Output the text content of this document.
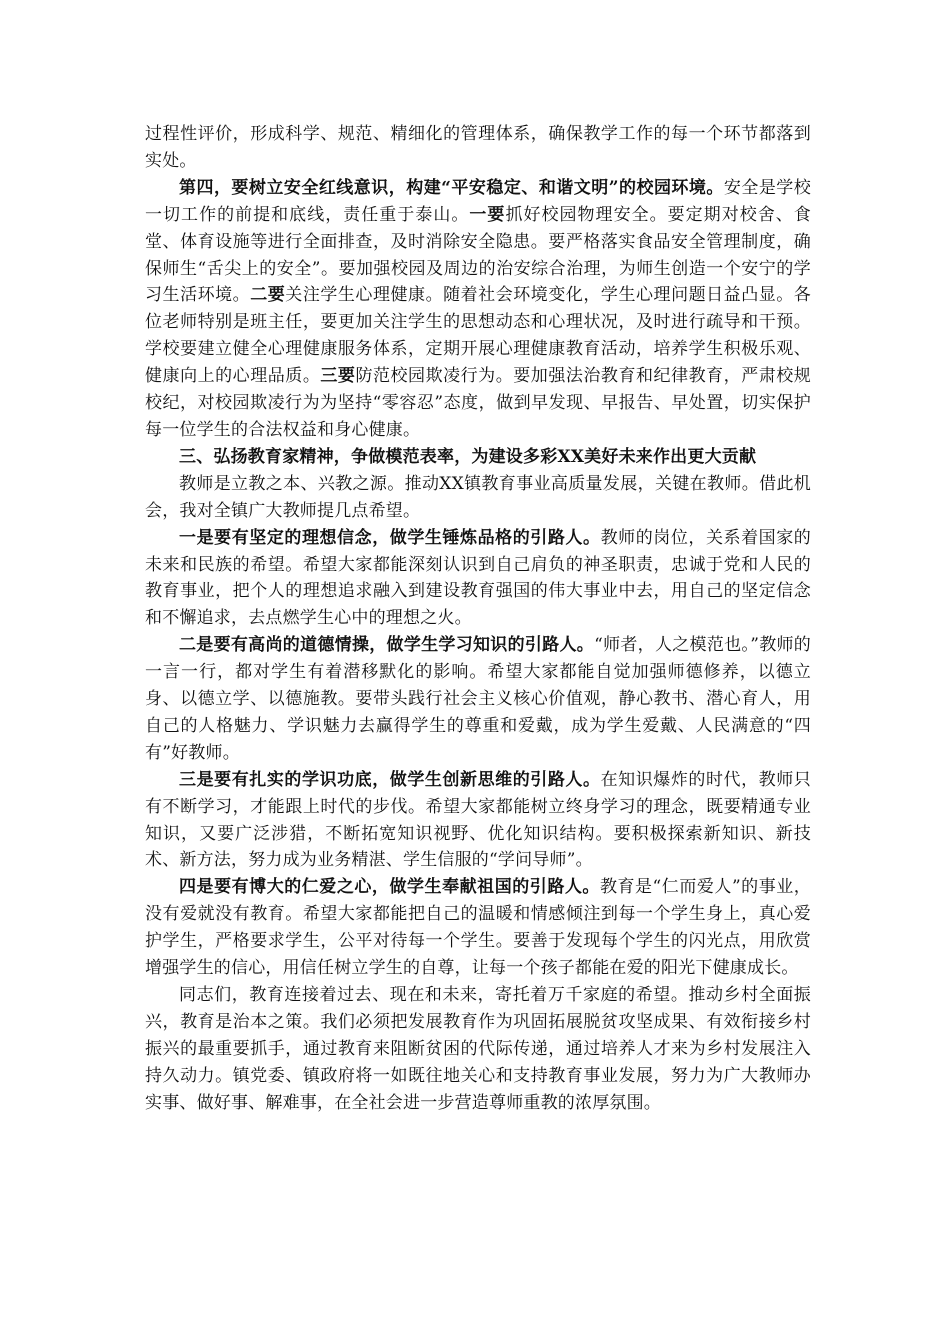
过程性评价，形成科学、规范、精细化的管理体系，确保教学工作的每一个环节都落到实处。

第四，要树立安全红线意识，构建“平安稳定、和谐文明”的校园环境。安全是学校一切工作的前提和底线，责任重于泰山。一要抓好校园物理安全。要定期对校舍、食堂、体育设施等进行全面排查，及时消除安全隐患。要严格落实食品安全管理制度，确保师生“舌尖上的安全”。要加强校园及周边的治安综合治理，为师生创造一个安宁的学习生活环境。二要关注学生心理健康。随着社会环境变化，学生心理问题日益凸显。各位老师特别是班主任，要更加关注学生的思想动态和心理状况，及时进行疏导和干预。学校要建立健全心理健康服务体系，定期开展心理健康教育活动，培养学生积极乐观、健康向上的心理品质。三要防范校园欺凌行为。要加强法治教育和纪律教育，严肃校规校纪，对校园欺凌行为为坚持“零容忍”态度，做到早发现、早报告、早处置，切实保护每一位学生的合法权益和身心健康。

三、弘扬教育家精神，争做模范表率，为建设多彩XX美好未来作出更大贡献

教师是立教之本、兴教之源。推动XX镇教育事业高质量发展，关键在教师。借此机会，我对全镇广大教师提几点希望。

一是要有坚定的理想信念，做学生锤炼品格的引路人。教师的岗位，关系着国家的未来和民族的希望。希望大家都能深刻认识到自己肩负的神圣职责，忠诚于党和人民的教育事业，把个人的理想追求融入到建设教育强国的伟大事业中去，用自己的坚定信念和不懈追求，去点燃学生心中的理想之火。

二是要有高尚的道德情操，做学生学习知识的引路人。“师者，人之模范也。”教师的一言一行，都对学生有着潜移默化的影响。希望大家都能自觉加强师德修养，以德立身、以德立学、以德施教。要带头践行社会主义核心价值观，静心教书、潜心育人，用自己的人格魅力、学识魅力去赢得学生的尊重和爱戴，成为学生爱戴、人民满意的“四有”好教师。

三是要有扎实的学识功底，做学生创新思维的引路人。在知识爆炸的时代，教师只有不断学习，才能跟上时代的步伐。希望大家都能树立终身学习的理念，既要精通专业知识，又要广泛涉猎，不断拓宽知识视野、优化知识结构。要积极探索新知识、新技术、新方法，努力成为业务精湛、学生信服的“学问导师”。

四是要有博大的仁爱之心，做学生奉献祖国的引路人。教育是“仁而爱人”的事业，没有爱就没有教育。希望大家都能把自己的温暖和情感倾注到每一个学生身上，真心爱护学生，严格要求学生，公平对待每一个学生。要善于发现每个学生的闪光点，用欣赏增强学生的信心，用信任树立学生的自尊，让每一个孩子都能在爱的阳光下健康成长。

同志们，教育连接着过去、现在和未来，寄托着万千家庭的希望。推动乡村全面振兴，教育是治本之策。我们必须把发展教育作为巩固拓展脱贫攻坚成果、有效衔接乡村振兴的最重要抓手，通过教育来阻断贫困的代际传递，通过培养人才来为乡村发展注入持久动力。镇党委、镇政府将一如既往地关心和支持教育事业发展，努力为广大教师办实事、做好事、解难事，在全社会进一步营造尊师重教的浓厚氛围。
